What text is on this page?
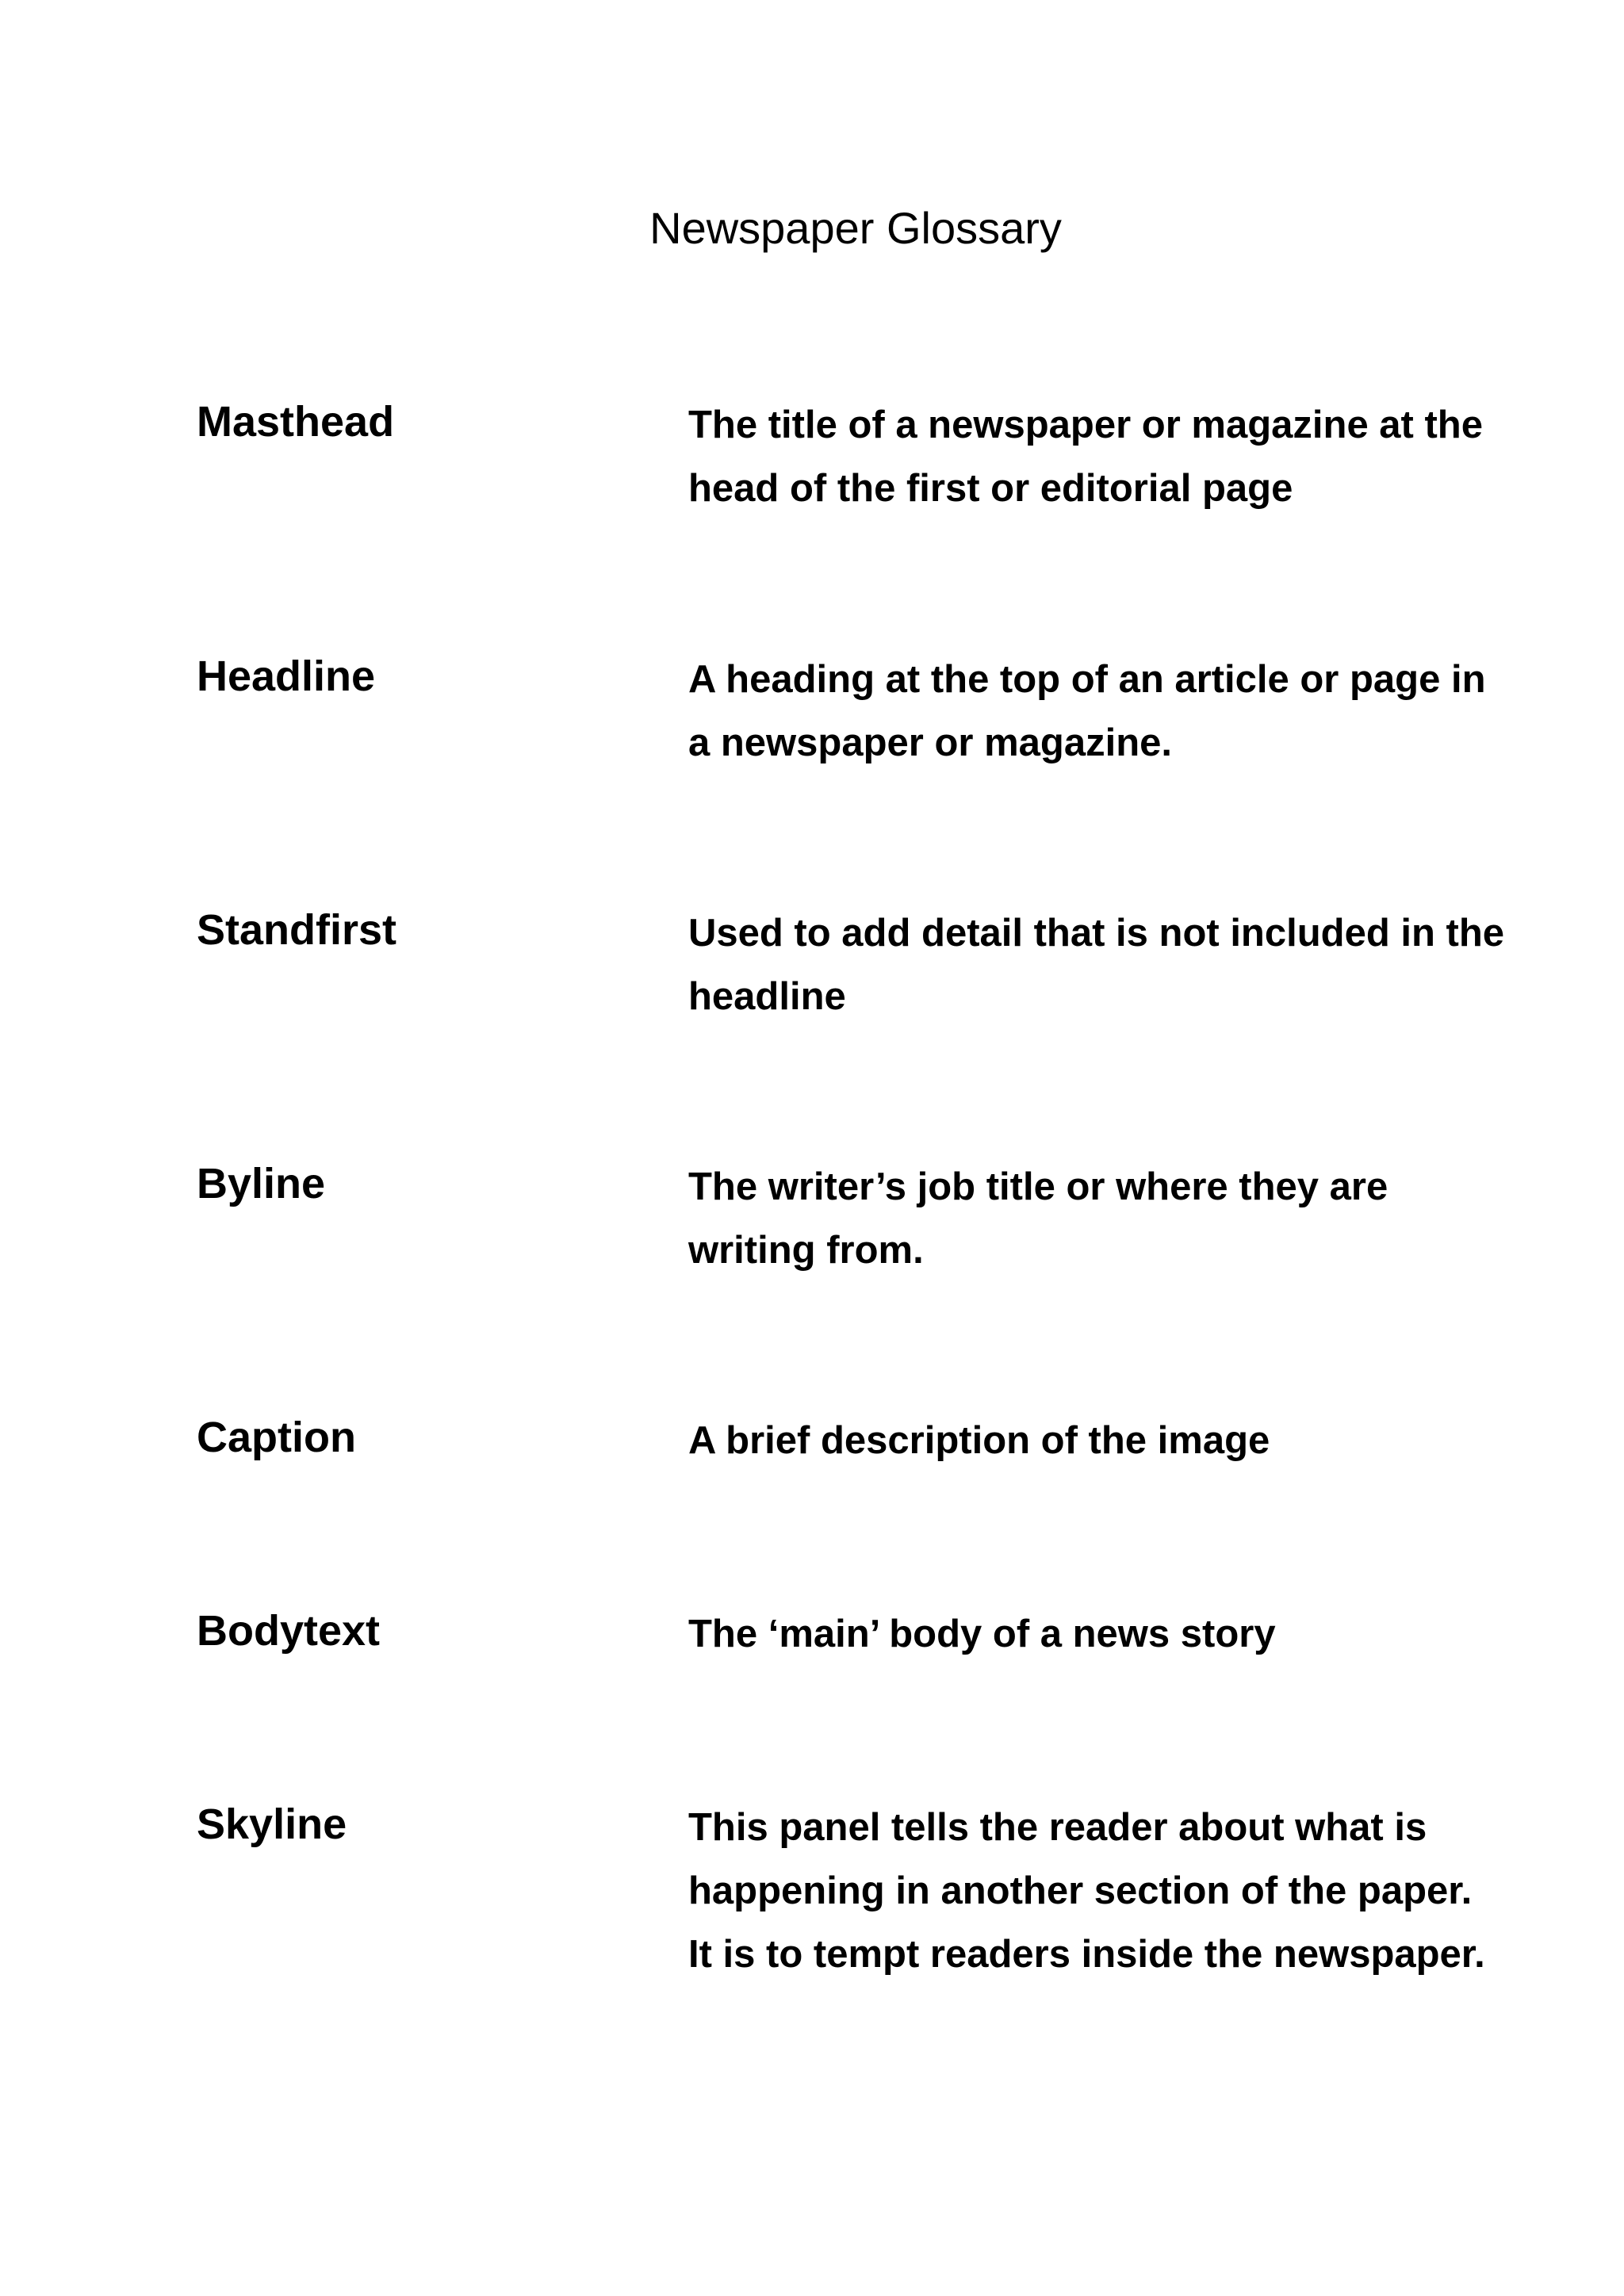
Newspaper Glossary
Masthead	The title of a newspaper or magazine at the
head of the first or editorial page
Headline	A heading at the top of an article or page in
a newspaper or magazine.
Standfirst	Used to add detail that is not included in the
headline
Byline	The writer’s job title or where they are
writing from.
Caption	A brief description of the image
Bodytext	The ‘main’ body of a news story
Skyline	This panel tells the reader about what is
happening in another section of the paper.
It is to tempt readers inside the newspaper.
